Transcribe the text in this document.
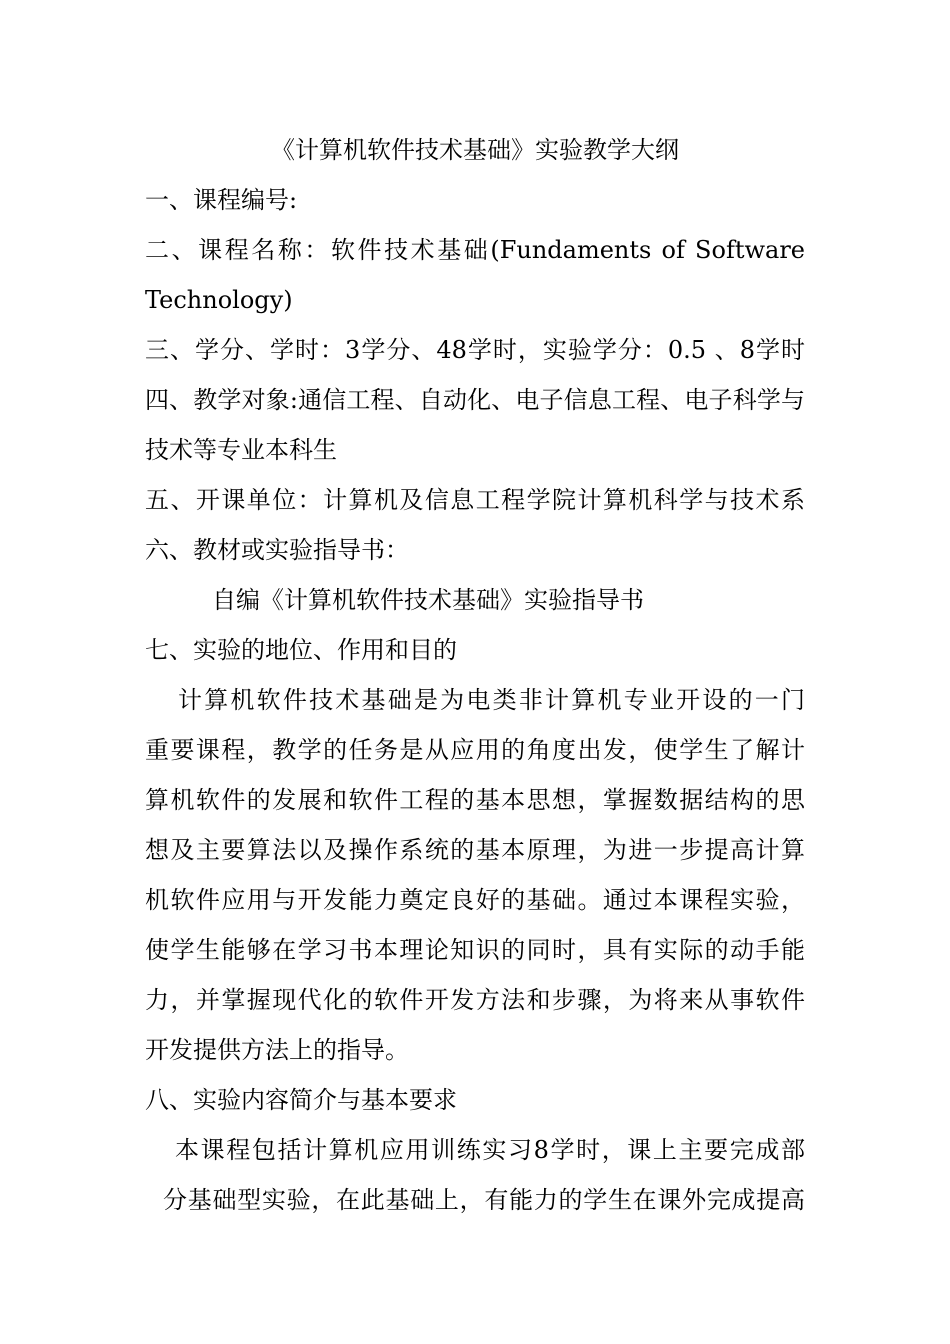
《计算机软件技术基础》实验教学大纲
一、课程编号:
二、课程名称：软件技术基础(Fundaments of Software
Technology)
三、学分、学时：3学分、48学时，实验学分：0.5 、8学时
四、教学对象:通信工程、自动化、电子信息工程、电子科学与
技术等专业本科生
五、开课单位：计算机及信息工程学院计算机科学与技术系
六、教材或实验指导书：
自编《计算机软件技术基础》实验指导书
七、实验的地位、作用和目的
计算机软件技术基础是为电类非计算机专业开设的一门
重要课程，教学的任务是从应用的角度出发，使学生了解计
算机软件的发展和软件工程的基本思想，掌握数据结构的思
想及主要算法以及操作系统的基本原理，为进一步提高计算
机软件应用与开发能力奠定良好的基础。通过本课程实验，
使学生能够在学习书本理论知识的同时，具有实际的动手能
力，并掌握现代化的软件开发方法和步骤，为将来从事软件
开发提供方法上的指导。
八、实验内容简介与基本要求
本课程包括计算机应用训练实习8学时，课上主要完成部
分基础型实验，在此基础上，有能力的学生在课外完成提高
